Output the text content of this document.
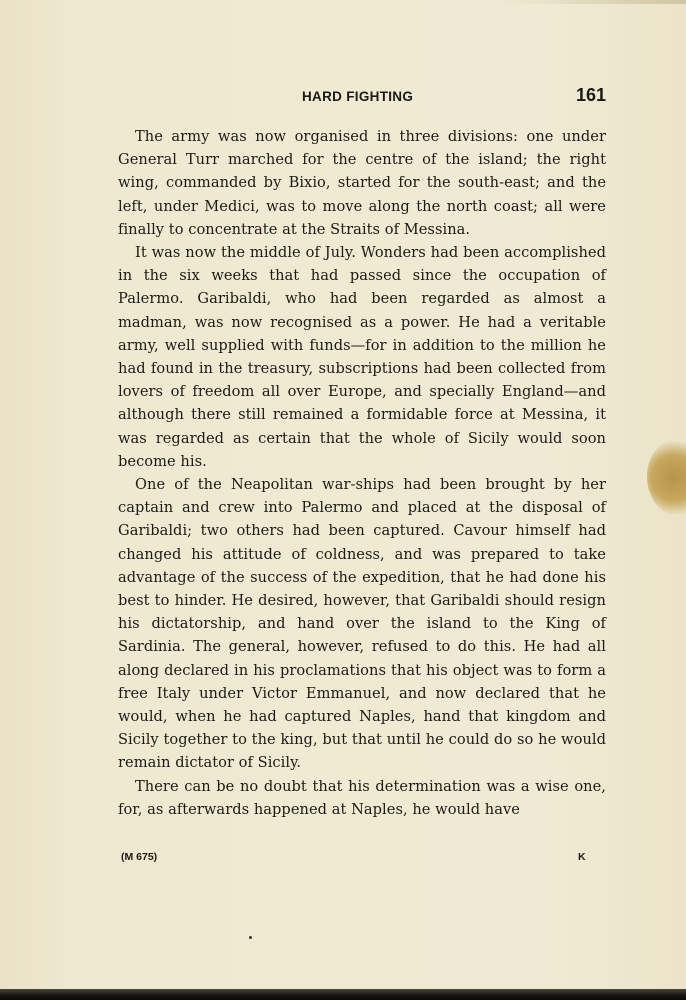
HARD FIGHTING	161

The army was now organised in three divisions: one under General Turr marched for the centre of the island; the right wing, commanded by Bixio, started for the south-east; and the left, under Medici, was to move along the north coast; all were finally to concentrate at the Straits of Messina.

It was now the middle of July. Wonders had been accomplished in the six weeks that had passed since the occupation of Palermo. Garibaldi, who had been regarded as almost a madman, was now recognised as a power. He had a veritable army, well supplied with funds—for in addition to the million he had found in the treasury, subscriptions had been collected from lovers of freedom all over Europe, and specially England—and although there still remained a formidable force at Messina, it was regarded as certain that the whole of Sicily would soon become his.

One of the Neapolitan war-ships had been brought by her captain and crew into Palermo and placed at the disposal of Garibaldi; two others had been captured. Cavour himself had changed his attitude of coldness, and was prepared to take advantage of the success of the expedition, that he had done his best to hinder. He desired, however, that Garibaldi should resign his dictatorship, and hand over the island to the King of Sardinia. The general, however, refused to do this. He had all along declared in his proclamations that his object was to form a free Italy under Victor Emmanuel, and now declared that he would, when he had captured Naples, hand that kingdom and Sicily together to the king, but that until he could do so he would remain dictator of Sicily.

There can be no doubt that his determination was a wise one, for, as afterwards happened at Naples, he would have

(M 675)	K
